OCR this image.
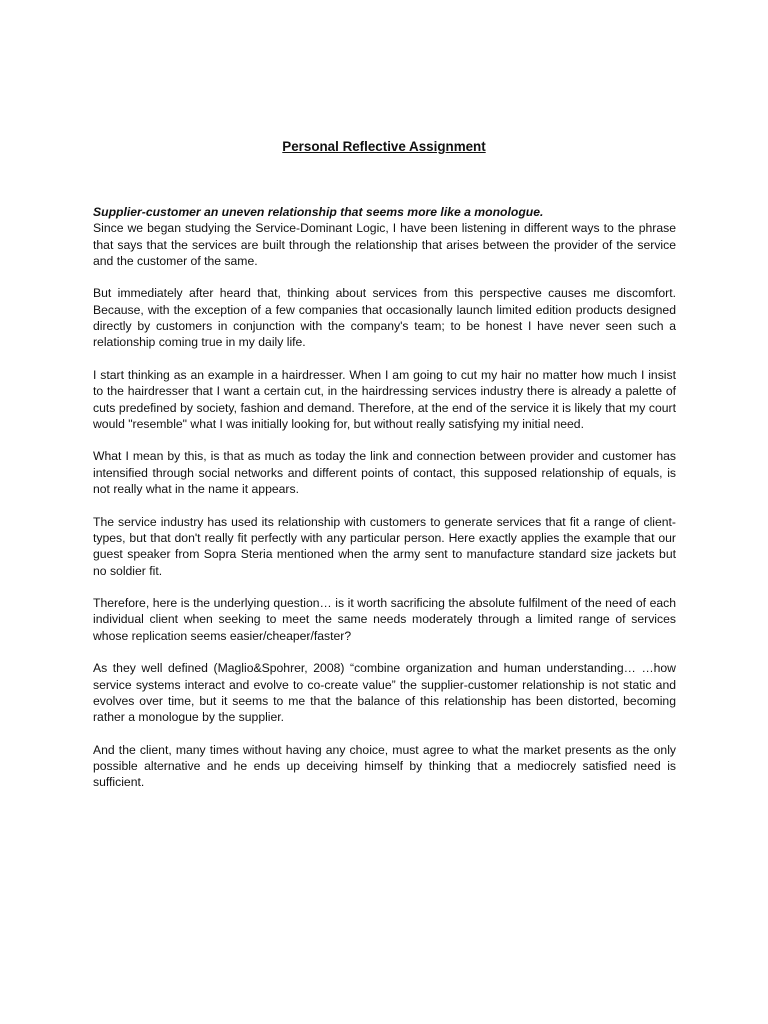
Personal Reflective Assignment

Supplier-customer an uneven relationship that seems more like a monologue.
Since we began studying the Service-Dominant Logic, I have been listening in different ways to the phrase that says that the services are built through the relationship that arises between the provider of the service and the customer of the same.

But immediately after heard that, thinking about services from this perspective causes me discomfort. Because, with the exception of a few companies that occasionally launch limited edition products designed directly by customers in conjunction with the company's team; to be honest I have never seen such a relationship coming true in my daily life.

I start thinking as an example in a hairdresser. When I am going to cut my hair no matter how much I insist to the hairdresser that I want a certain cut, in the hairdressing services industry there is already a palette of cuts predefined by society, fashion and demand. Therefore, at the end of the service it is likely that my court would "resemble" what I was initially looking for, but without really satisfying my initial need.

What I mean by this, is that as much as today the link and connection between provider and customer has intensified through social networks and different points of contact, this supposed relationship of equals, is not really what in the name it appears.

The service industry has used its relationship with customers to generate services that fit a range of client-types, but that don't really fit perfectly with any particular person. Here exactly applies the example that our guest speaker from Sopra Steria mentioned when the army sent to manufacture standard size jackets but no soldier fit.

Therefore, here is the underlying question… is it worth sacrificing the absolute fulfilment of the need of each individual client when seeking to meet the same needs moderately through a limited range of services whose replication seems easier/cheaper/faster?

As they well defined (Maglio&Spohrer, 2008) “combine organization and human understanding… …how service systems interact and evolve to co-create value” the supplier-customer relationship is not static and evolves over time, but it seems to me that the balance of this relationship has been distorted, becoming rather a monologue by the supplier.

And the client, many times without having any choice, must agree to what the market presents as the only possible alternative and he ends up deceiving himself by thinking that a mediocrely satisfied need is sufficient.
